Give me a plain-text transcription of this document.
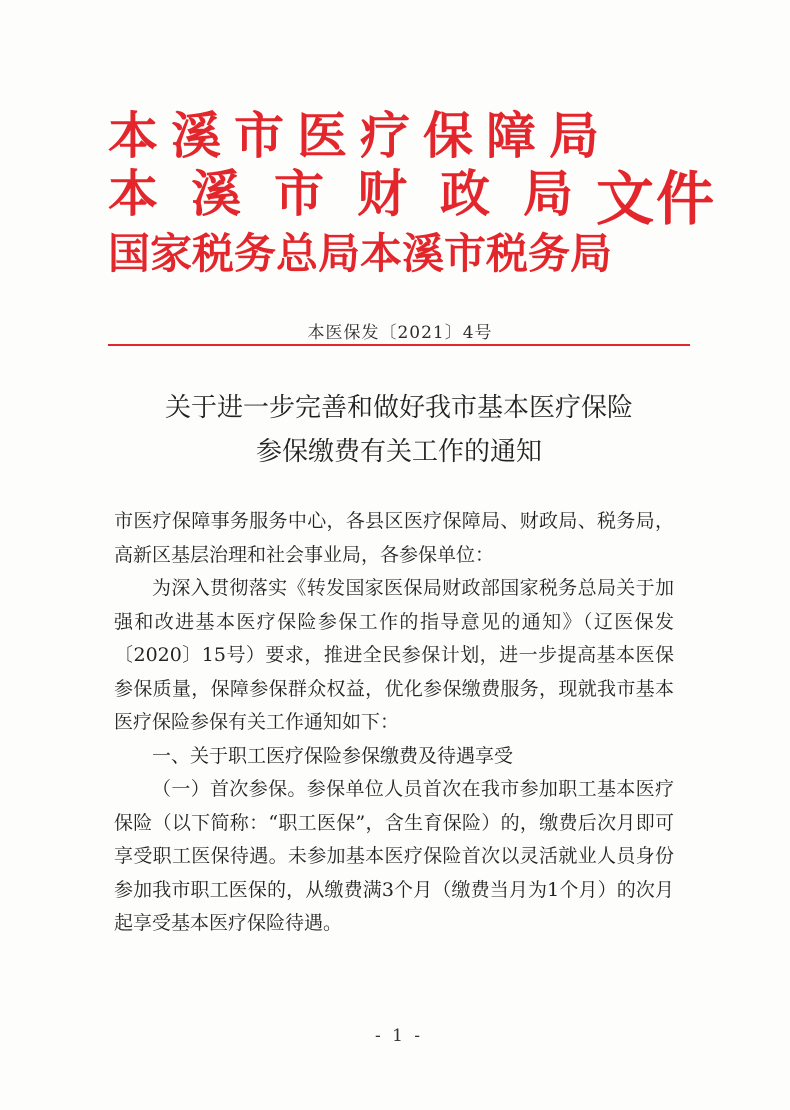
本溪市医疗保障局
本溪市财政局
国家税务总局本溪市税务局
文件
本医保发〔2021〕4号
关于进一步完善和做好我市基本医疗保险
参保缴费有关工作的通知

市医疗保障事务服务中心，各县区医疗保障局、财政局、税务局，高新区基层治理和社会事业局，各参保单位：

为深入贯彻落实《转发国家医保局财政部国家税务总局关于加强和改进基本医疗保险参保工作的指导意见的通知》（辽医保发〔2020〕15号）要求，推进全民参保计划，进一步提高基本医保参保质量，保障参保群众权益，优化参保缴费服务，现就我市基本医疗保险参保有关工作通知如下：

一、关于职工医疗保险参保缴费及待遇享受

（一）首次参保。参保单位人员首次在我市参加职工基本医疗保险（以下简称：“职工医保”，含生育保险）的，缴费后次月即可享受职工医保待遇。未参加基本医疗保险首次以灵活就业人员身份参加我市职工医保的，从缴费满3个月（缴费当月为1个月）的次月起享受基本医疗保险待遇。

- 1 -
